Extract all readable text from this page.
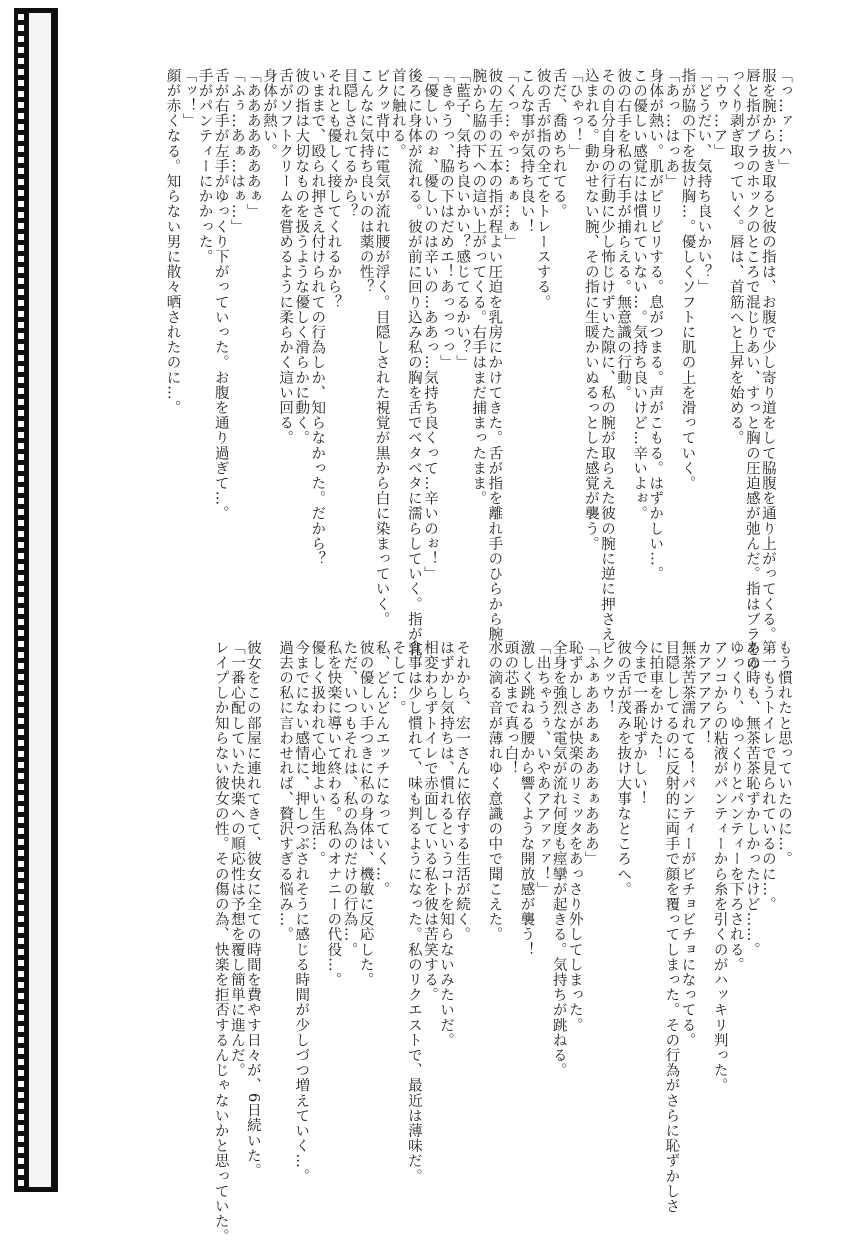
「っ…ァ…ハ」
服を腕から抜き取ると彼の指は、お腹で少し寄り道をして脇腹を通り上がってくる。
唇と指がブラのホックのところで混じりあい、すっと胸の圧迫感が弛んだ。指はブラをゆ
っくり剥ぎ取っていく。唇は、首筋へと上昇を始める。
「ウゥ…ア」
「どうだい、気持ち良いかい？」
指が脇の下を抜け胸…。優しくソフトに肌の上を滑っていく。
「あっ…はっあ」
身体が熱い。肌がピリピリする。息がつまる。声がこもる。はずかしい…。
この優しい感覚には慣れていない…。気持ち良いけど…辛いよぉ。
彼の右手を私の右手が捕らえる。無意識の行動。
その自分自身の行動に少し怖じけずいた隙に、私の腕が取らえた彼の腕に逆に押さえ
込まれる。動かせない腕、その指に生暖かいぬるっとした感覚が襲う。
「ひゃっ！」
舌だ、喬めちれてる。
彼の舌が指の全てをトレースする。
こんな事が気持ち良い！
「くっ…ゃっ…ぁぁ…ぁ」
彼の左手の五本の指が程よい圧迫を乳房にかけてきた。舌が指を離れ手のひらから腕、
腕から脇の下への這い上がってくる。右手はまだ捕まったまま。
「藍子、気持ち良いかい？感じてるかい？」
「きゃうっ、脇の下はだめエ！あっっっっ」
「優しいのぉ、優しいのは辛いの…ああっ…気持ち良くって…辛いのぉ！」
後ろに身体が流れる。彼が前に回り込み私の胸を舌でベタベタに濡らしていく。指が乳
首に触れる。
ビクッ背中に電気が流れ腰が浮く。目隠しされた視覚が黒から白に染まっていく。
こんなに気持ち良いのは薬の性？
目隠しされてるから？
それとも優しく接してくれるから？
いままで、殴られ押さえ付けられての行為しか、知らなかった。だから？
彼の指は大切なものを扱うような優しく滑らかに動く。
舌がソフトクリームを嘗めるように柔らかく這い回る。
身体が熱い。
「あああああああぁ」
「ふぅ…あぁ…はぁ…」
舌が右手が左手がゆっくり下がっていった。お腹を通り過ぎて…。
手がパンティーにかかった。
「ッ！」
顔が赤くなる。知らない男に散々晒されたのに…。
もう慣れたと思っていたのに…。
第一もうトイレで見られているのに…。
あの時も、無茶苦茶恥ずかしかったけど……。
ゆっくり、ゆっくりとパンティーを下ろされる。
アソコからの粘液がパンティーから糸を引くのがハッキリ判った。
カアアアアア！
無茶苦茶濡れてる！パンティーがビチョビチョになってる。
目隠ししてるのに反射的に両手で顔を覆ってしまった。その行為がさらに恥ずかしさ
に拍車をかけた！
今まで一番恥ずかしい！
彼の舌が茂みを抜け大事なところへ。
ビクッウ！
「ふぁあああぁあああぁあああ」
恥ずかしさが快楽のリミッタをあっさり外してしまった。
全身を強烈な電気が流れ何度も痙攣が起きる。気持ちが跳ねる。
「出ちゃうぅ、いやあアアァァァ！」
激しく跳ねる腰から響くような開放感が襲う！
頭の芯まで真っ白！
水の滴る音が薄れゆく意識の中で聞こえた。

それから、宏一さんに依存する生活が続く。
はずかし気持ちは、慣れるというコトを知らないみたいだ。
相変わらずトイレで赤面している私を彼は苦笑する。
食事は少し慣れて、味も判るようになった。私のリクエストで、最近は薄味だ。
そして…。
私、どんどんエッチになっていく…。
彼の優しい手つきに私の身体は、機敏に反応した。
ただ、いつもそれは、私の為のだけの行為…。
私を快楽に導いて終わる。私のオナニーの代役…。
優しく扱われて心地よい生活…。
今までにない感情に、押しつぶされそうに感じる時間が少しづつ増えていく…。
過去の私に言わせれば、贅沢すぎる悩み…。

彼女をこの部屋に連れてきて、彼女に全ての時間を費やす日々が、6日続いた。
「一番心配していた快楽への順応性は予想を覆し簡単に進んだ。
レイプしか知らない彼女の性。その傷の為、快楽を拒否するんじゃないかと思っていた。
